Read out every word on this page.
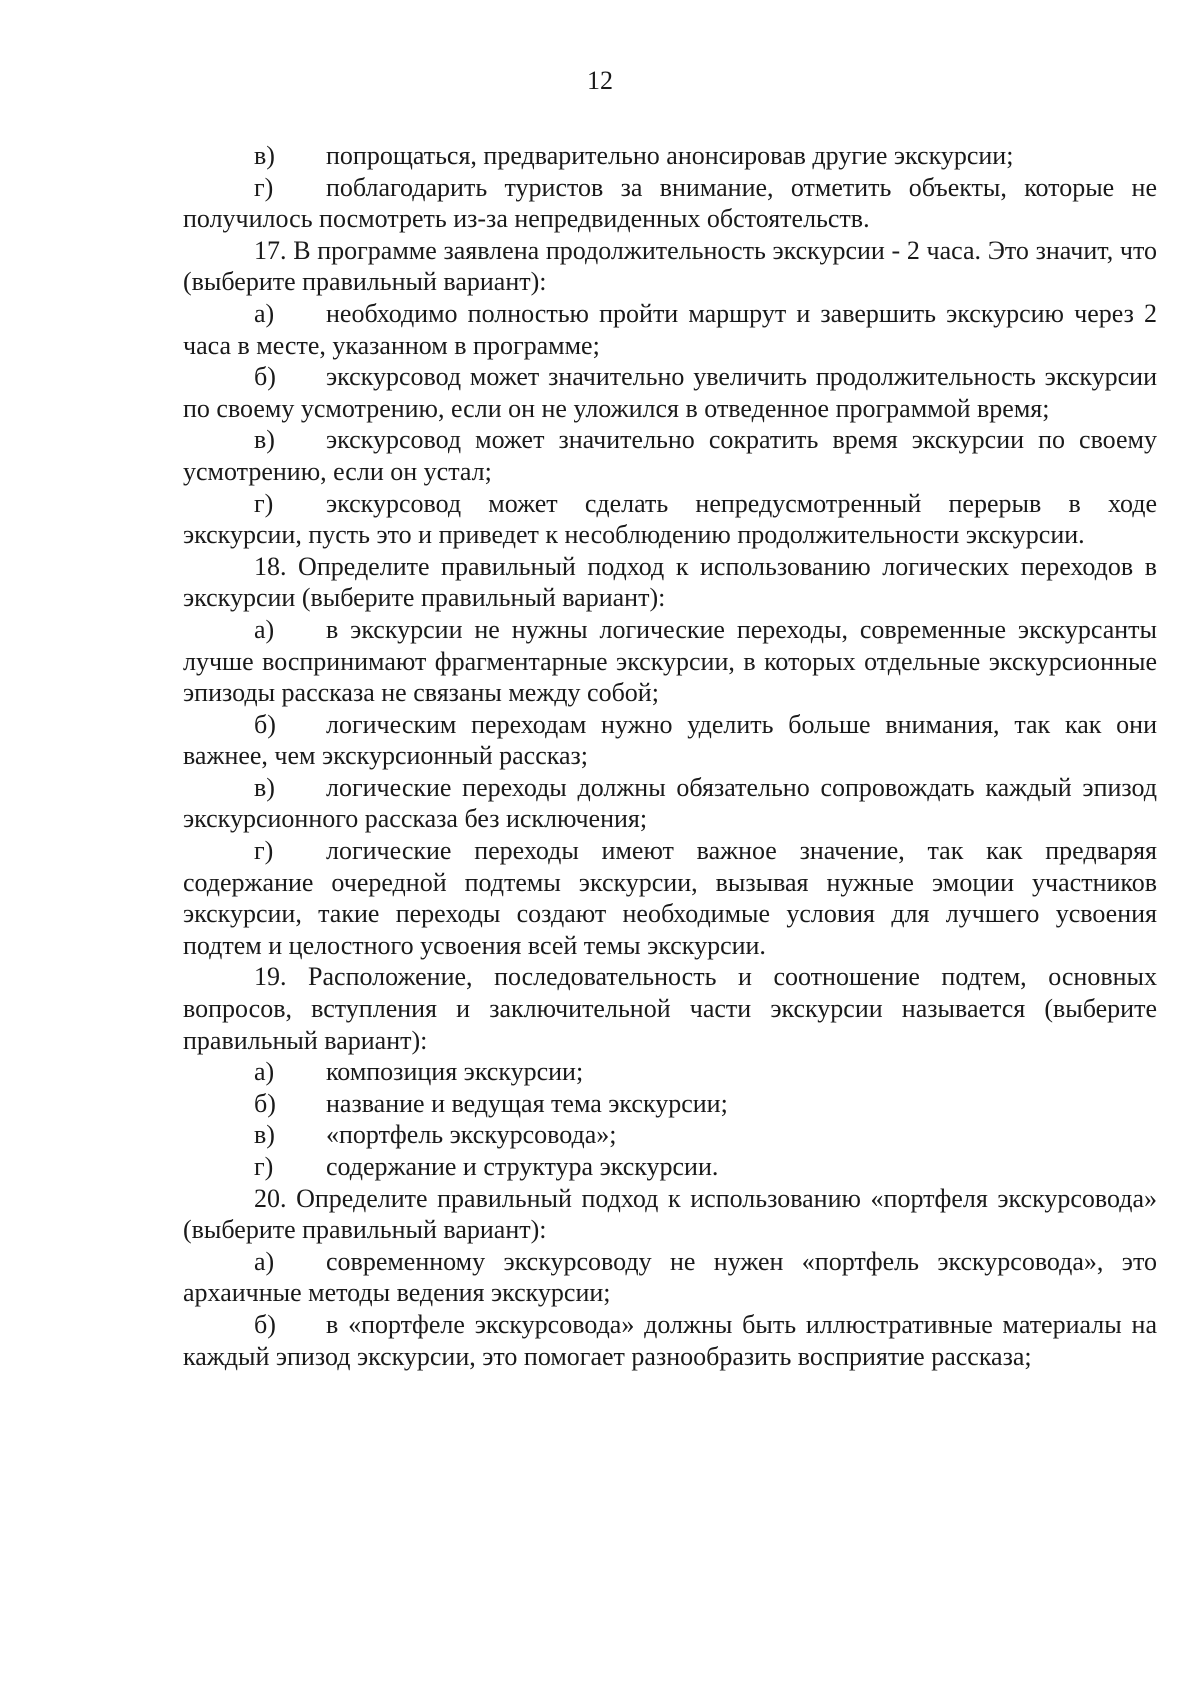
12

в) попрощаться, предварительно анонсировав другие экскурсии;

г) поблагодарить туристов за внимание, отметить объекты, которые не получилось посмотреть из-за непредвиденных обстоятельств.

17. В программе заявлена продолжительность экскурсии - 2 часа. Это значит, что (выберите правильный вариант):

а) необходимо полностью пройти маршрут и завершить экскурсию через 2 часа в месте, указанном в программе;

б) экскурсовод может значительно увеличить продолжительность экскурсии по своему усмотрению, если он не уложился в отведенное программой время;

в) экскурсовод может значительно сократить время экскурсии по своему усмотрению, если он устал;

г) экскурсовод может сделать непредусмотренный перерыв в ходе экскурсии, пусть это и приведет к несоблюдению продолжительности экскурсии.

18. Определите правильный подход к использованию логических переходов в экскурсии (выберите правильный вариант):

а) в экскурсии не нужны логические переходы, современные экскурсанты лучше воспринимают фрагментарные экскурсии, в которых отдельные экскурсионные эпизоды рассказа не связаны между собой;

б) логическим переходам нужно уделить больше внимания, так как они важнее, чем экскурсионный рассказ;

в) логические переходы должны обязательно сопровождать каждый эпизод экскурсионного рассказа без исключения;

г) логические переходы имеют важное значение, так как предваряя содержание очередной подтемы экскурсии, вызывая нужные эмоции участников экскурсии, такие переходы создают необходимые условия для лучшего усвоения подтем и целостного усвоения всей темы экскурсии.

19. Расположение, последовательность и соотношение подтем, основных вопросов, вступления и заключительной части экскурсии называется (выберите правильный вариант):

а) композиция экскурсии;

б) название и ведущая тема экскурсии;

в) «портфель экскурсовода»;

г) содержание и структура экскурсии.

20. Определите правильный подход к использованию «портфеля экскурсовода» (выберите правильный вариант):

а) современному экскурсоводу не нужен «портфель экскурсовода», это архаичные методы ведения экскурсии;

б) в «портфеле экскурсовода» должны быть иллюстративные материалы на каждый эпизод экскурсии, это помогает разнообразить восприятие рассказа;
